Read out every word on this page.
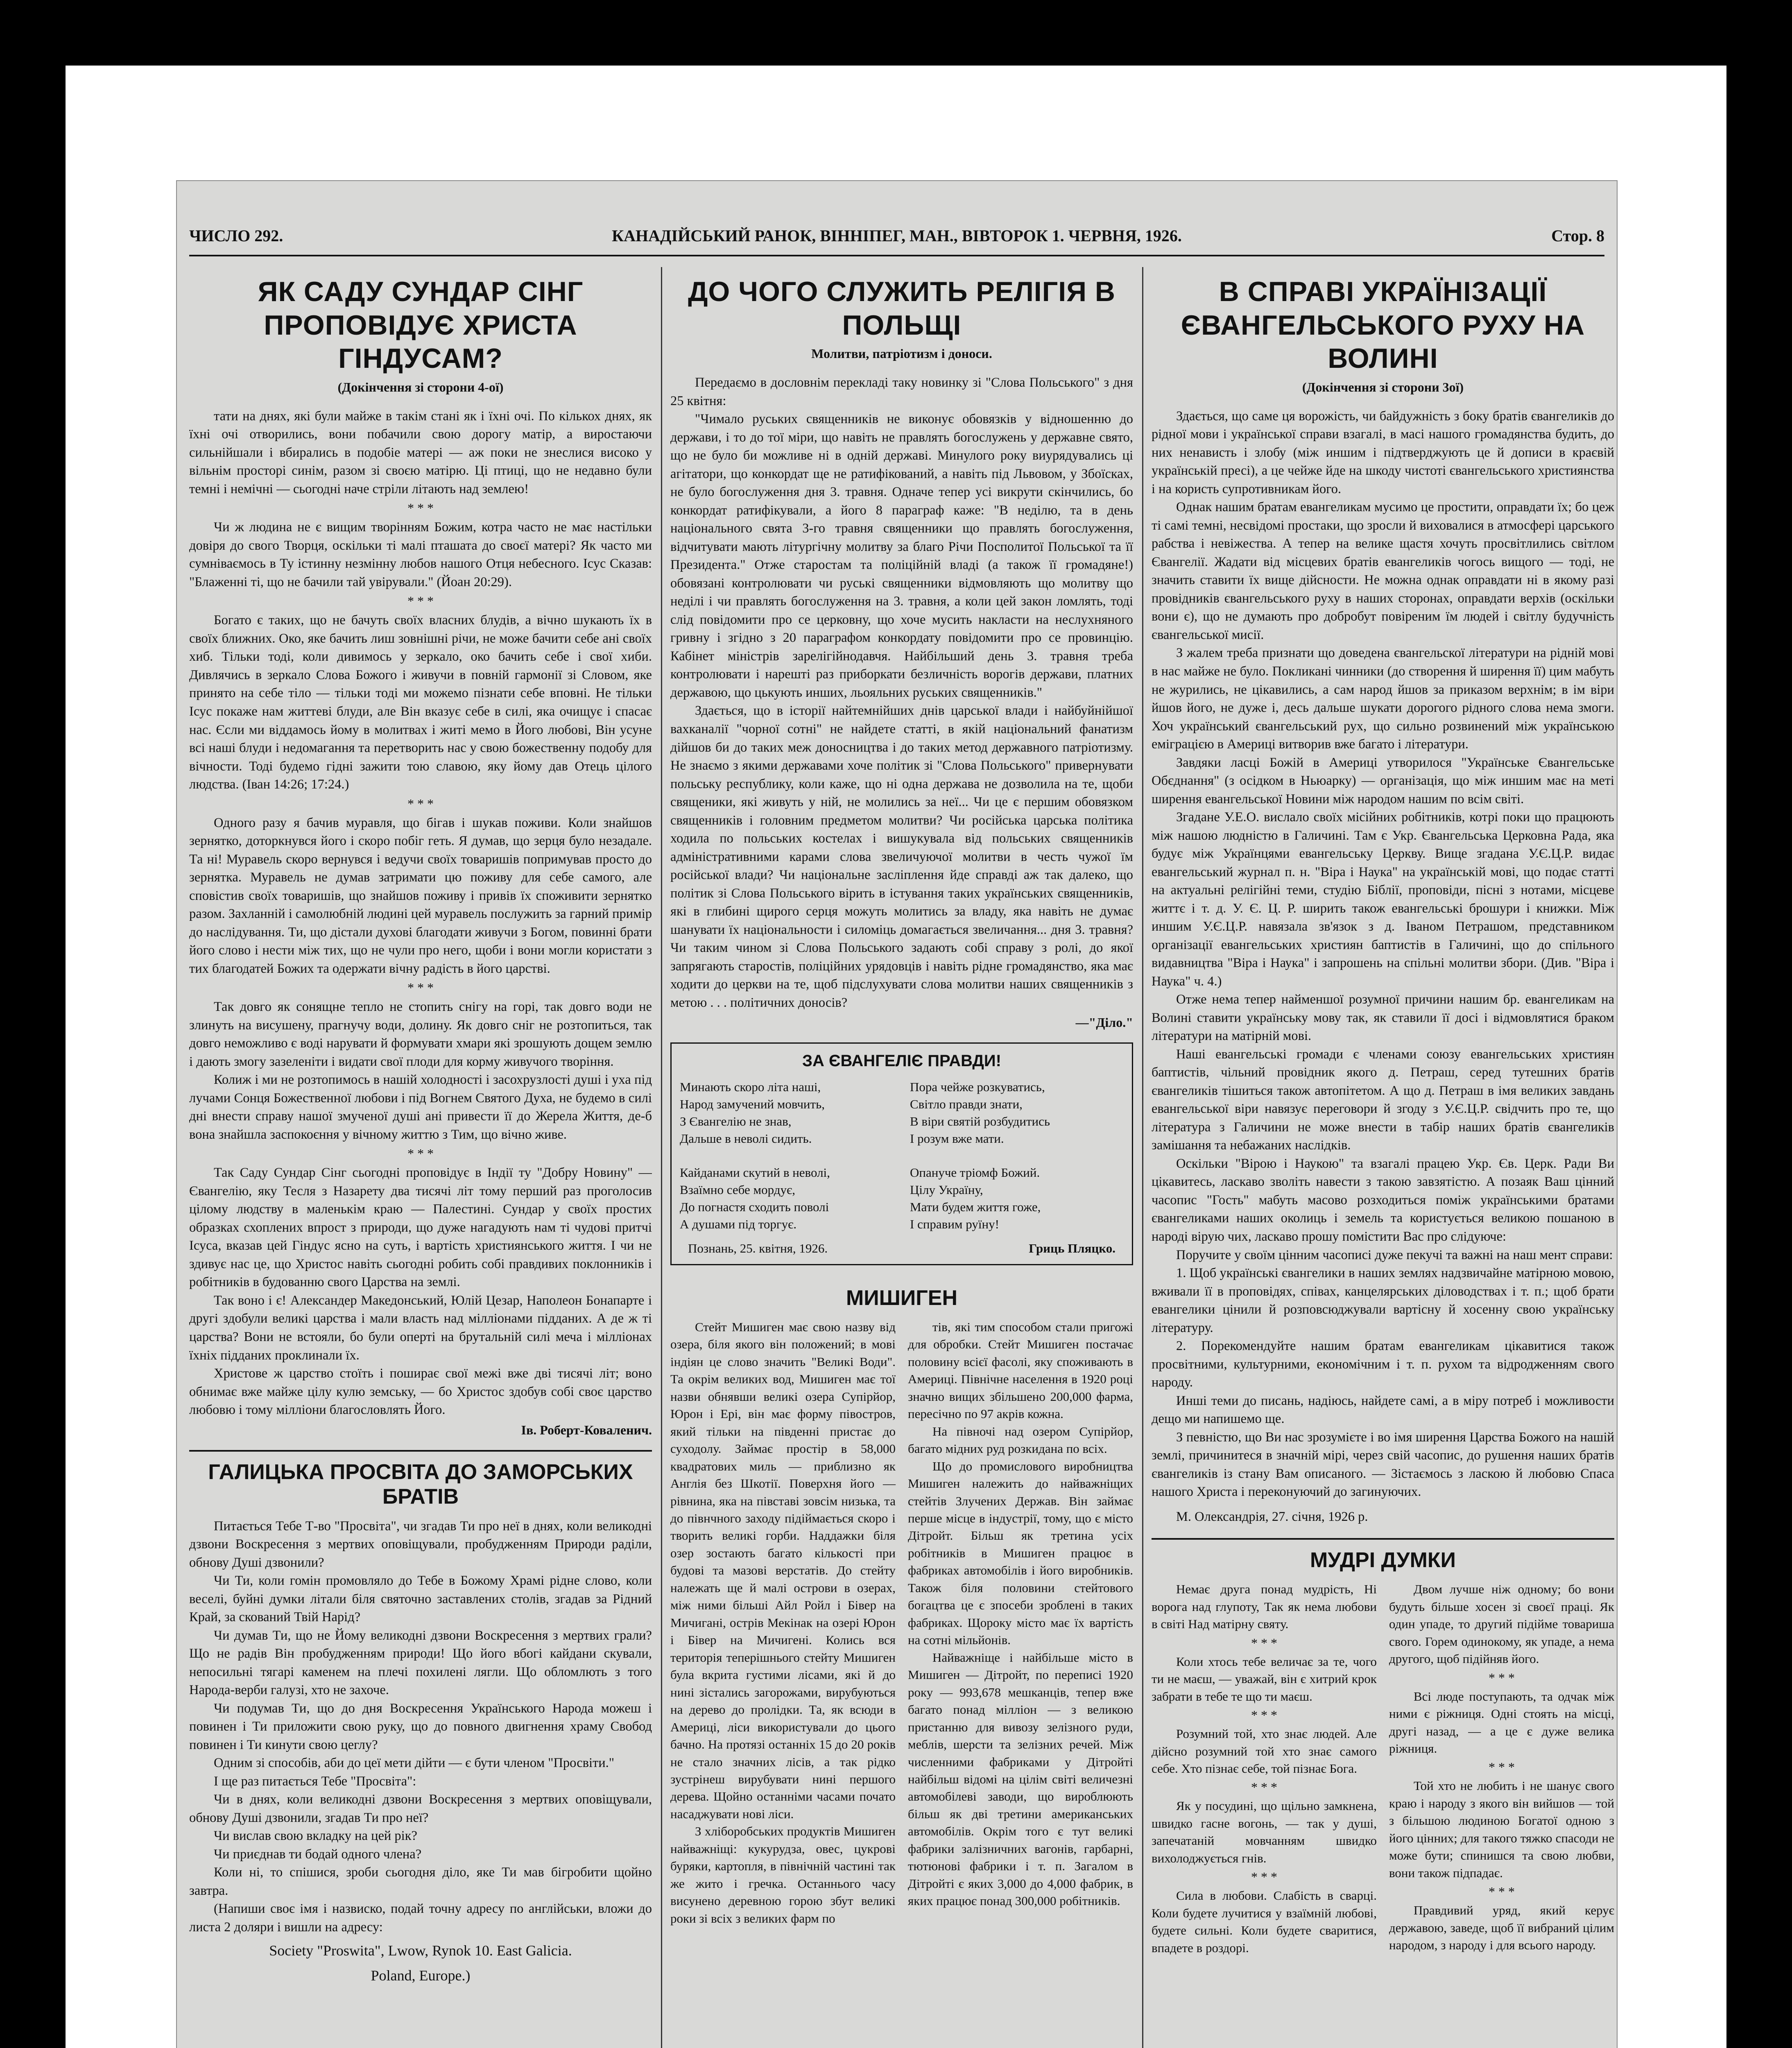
ЧИСЛО 292.	КАНАДІЙСЬКИЙ РАНОК, ВІННІПЕГ, МАН., ВІВТОРОК 1. ЧЕРВНЯ, 1926.	Стор. 8
ЯК САДУ СУНДАР СІНГ ПРОПОВІДУЄ ХРИСТА ГІНДУСАМ?
(Докінчення зі сторони 4-ої)

тати на днях, які були майже в такім стані як і їхні очі. По кількох днях, як їхні очі отворились, вони побачили свою дорогу матір, а виростаючи сильнійшали і вбирались в подобіе матері — аж поки не знеслися високо у вільнім просторі синім, разом зі своєю матірю. Ці птиці, що не недавно були темні і немічні — сьогодні наче стріли літають над землею!

* * *

Чи ж людина не є вищим творінням Божим, котра часто не має настільки довіря до свого Творця, оскільки ті малі пташата до своєї матері? Як часто ми сумніваємось в Ту істинну незмінну любов нашого Отця небесного. Ісус Сказав: "Блаженні ті, що не бачили тай увірували." (Йоан 20:29).

* * *

Богато є таких, що не бачуть своїх власних блудів, а вічно шукають їх в своїх ближних. Око, яке бачить лиш зовнішні річи, не може бачити себе ані своїх хиб. Тільки тоді, коли дивимось у зеркало, око бачить себе і свої хиби. Дивлячись в зеркало Слова Божого і живучи в повній гармонії зі Словом, яке принято на себе тіло — тільки тоді ми можемо пізнати себе вповні. Не тільки Ісус покаже нам життеві блуди, але Він вказує себе в силі, яка очищує і спасає нас. Єсли ми віддамось йому в молитвах і житі мемо в Його любові, Він усуне всі наші блуди і недомагання та перетворить нас у свою божественну подобу для вічности. Тоді будемо гідні зажити тою славою, яку йому дав Отець цілого людства. (Іван 14:26; 17:24.)

* * *

Одного разу я бачив муравля, що бігав і шукав поживи. Коли знайшов зернятко, доторкнувся його і скоро побіг геть. Я думав, що зерця було незадале. Та ні! Муравель скоро вернувся і ведучи своїх товаришів попримував просто до зернятка. Муравель не думав затримати цю поживу для себе самого, але сповістив своїх товаришів, що знайшов поживу і привів їх споживити зернятко разом. Захланній і самолюбній людині цей муравель послужить за гарний примір до наслідування. Ти, що дістали духові благодати живучи з Богом, повинні брати його слово і нести між тих, що не чули про него, щоби і вони могли користати з тих благодатей Божих та одержати вічну радість в його царстві.

* * *

Так довго як сонящне тепло не стопить снігу на горі, так довго води не злинуть на висушену, прагнучу води, долину. Як довго сніг не розтопиться, так довго неможливо є воді нарувати й формувати хмари які зрошують дощем землю і дають змогу зазеленіти і видати свої плоди для корму живучого творіння.

Колиж і ми не розтопимось в нашій холодності і засохрузлості душі і уха під лучами Сонця Божественної любови і під Вогнем Святого Духа, не будемо в силі дні внести справу нашої змученої душі ані привести її до Жерела Життя, де-б вона знайшла заспокоєння у вічному життю з Тим, що вічно живе.

* * *

Так Саду Сундар Сінг сьогодні проповідує в Індії ту "Добру Новину" — Євангелію, яку Тесля з Назарету два тисячі літ тому перший раз проголосив цілому людству в маленькім краю — Палестині. Сундар у своїх простих образках схоплених впрост з природи, що дуже нагадують нам ті чудові притчі Ісуса, вказав цей Гіндус ясно на суть, і вартість християнського життя. І чи не здивує нас це, що Христос навіть сьогодні робить собі правдивих поклонників і робітників в будованню свого Царства на землі.

Так воно і є! Александер Македонський, Юлій Цезар, Наполеон Бонапарте і другі здобули великі царства і мали власть над мілліонами підданих. А де ж ті царства? Вони не встояли, бо були оперті на брутальній силі меча і мілліонах їхніх підданих проклинали їх.

Христове ж царство стоїть і поширає свої межі вже дві тисячі літ; воно обнимає вже майже цілу кулю земську, — бо Христос здобув собі своє царство любовю і тому мілліони благословлять Його.

Ів. Роберт-Коваленич.
ГАЛИЦЬКА ПРОСВІТА ДО ЗАМОРСЬКИХ БРАТІВ

Питається Тебе Т-во "Просвіта", чи згадав Ти про неї в днях, коли великодні дзвони Воскресення з мертвих оповіщували, пробудженням Природи раділи, обнову Душі дзвонили?

Чи Ти, коли гомін промовляло до Тебе в Божому Храмі рідне слово, коли веселі, буйні думки літали біля святочно заставлених столів, згадав за Рідний Край, за скований Твій Нарід?

Чи думав Ти, що не Йому великодні дзвони Воскресення з мертвих грали? Що не радів Він пробудженням природи! Що його вбогі кайдани скували, непосильні тягарі каменем на плечі похилені лягли. Що обломлють з того Народа-верби галузі, хто не захоче.

Чи подумав Ти, що до дня Воскресення Українського Народа можеш і повинен і Ти приложити свою руку, що до повного двигнення храму Свобод повинен і Ти кинути свою цеглу?

Одним зі способів, аби до цеї мети дійти — є бути членом "Просвіти."

І ще раз питається Тебе "Просвіта":

Чи в днях, коли великодні дзвони Воскресення з мертвих оповіщували, обнову Душі дзвонили, згадав Ти про неї?

Чи вислав свою вкладку на цей рік?

Чи приєднав ти бодай одного члена?

Коли ні, то спішися, зроби сьогодня діло, яке Ти мав бігробити щойно завтра.

(Напиши своє імя і назвиско, подай точну адресу по англійськи, вложи до листа 2 доляри і вишли на адресу:

Society "Proswita", Lwow, Rynok 10. East Galicia.
Poland, Europe.)
ДО ЧОГО СЛУЖИТЬ РЕЛІГІЯ В ПОЛЬЩІ
Молитви, патріотизм і доноси.

Передаємо в дословнім перекладі таку новинку зі "Слова Польського" з дня 25 квітня:

"Чимало руських священників не виконує обовязків у відношенню до держави, і то до тої міри, що навіть не правлять богослужень у державне свято, що не було би можливе ні в одній державі. Минулого року виурядувались ці агітатори, що конкордат ще не ратифікований, а навіть під Львовом, у Збоїсках, не було богослуження дня 3. травня. Одначе тепер усі викрути скінчились, бо конкордат ратифікували, а його 8 параграф каже: "В неділю, та в день національного свята 3-го травня священники що правлять богослуження, відчитувати мають літургічну молитву за благо Річи Посполитої Польської та її Президента." Отже старостам та поліційній владі (а також її громадяне!) обовязані контролювати чи руські священники відмовляють що молитву що неділі і чи правлять богослуження на 3. травня, а коли цей закон ломлять, тоді слід повідомити про се церковну, що хоче мусить накласти на неслухняного гривну і згідно з 20 параграфом конкордату повідомити про се провинцію. Кабінет міністрів зарелігійнодавчя. Найбільший день 3. травня треба контролювати і нарешті раз приборкати безличність ворогів держави, платних державою, що цькують инших, льояльних руських священників."

Здається, що в історії найтемнійших днів царської влади і найбуйнійшої вахканалії "чорної сотні" не найдете статті, в якій національний фанатизм дійшов би до таких меж доносництва і до таких метод державного патріотизму. Не знаємо з якими державами хоче політик зі "Слова Польського" привернувати польську республику, коли каже, що ні одна держава не дозволила на те, щоби священики, які живуть у ній, не молились за неї... Чи це є першим обовязком священників і головним предметом молитви? Чи російська царська політика ходила по польських костелах і вишукувала від польських священників адміністративними карами слова звеличуючої молитви в честь чужої їм російської влади? Чи національне засліплення йде справді аж так далеко, що політик зі Слова Польського вірить в істування таких українських священників, які в глибині щирого серця можуть молитись за владу, яка навіть не думає шанувати їх національности і силоміць домагається звеличання... дня 3. травня? Чи таким чином зі Слова Польського задають собі справу з ролі, до якої запрягають старостів, поліційних урядовців і навіть рідне громадянство, яка має ходити до церкви на те, щоб підслухувати слова молитви наших священників з метою . . . політичних доносів?

—"Діло."
ЗА ЄВАНГЕЛІЄ ПРАВДИ!
Минають скоро літа наші,
Народ замучений мовчить,
З Євангелію не знав,
Дальше в неволі сидить.

Кайданами скутий в неволі,
Взаїмно себе мордує,
До погнастя сходить поволі
А душами під торгує.
Пора чейже розкуватись,
Світло правди знати,
В віри святій розбудитись
І розум вже мати.

Опануче тріомф Божий.
Цілу Україну,
Мати будем життя гоже,
І справим руїну!
Познань, 25. квітня, 1926.	Гриць Пляцко.
МИШИГЕН

Стейт Мишиген має свою назву від озера, біля якого він положений; в мові індіян це слово значить "Великі Води". Та окрім великих вод, Мишиген має тої назви обнявши великі озера Супірйор, Юрон і Ері, він має форму півостров, який тільки на південні пристає до суходолу. Займає простір в 58,000 квадратових миль — приблизно як Англія без Шкотії. Поверхня його — рівнина, яка на півставі зовсім низька, та до півнчного заходу підіймається скоро і творить великі горби. Наддажки біля озер зостають багато кількості при будові та мазові верстатів. До стейту належать ще й малі острови в озерах, між ними більші Айл Ройл і Бівер на Мичигані, острів Мекінак на озері Юрон і Бівер на Мичигені. Колись вся територія теперішнього стейту Мишиген була вкрита густими лісами, які й до нині зістались загорожами, вирубуються на дерево до пролідки. Та, як всюди в Америці, ліси використували до цього бачно. На протязі останніх 15 до 20 років не стало значних лісів, а так рідко зустрінеш вирубувати нині першого дерева. Щойно останніми часами почато насаджувати нові ліси.

З хліборобських продуктів Мишиген найважніщі: кукурудза, овес, цукрові буряки, картопля, в північній частині так же жито і гречка. Останнього часу висунено деревною горою збут великі роки зі всіх з великих фарм по

тів, які тим способом стали пригожі для обробки. Стейт Мишиген постачає половину всієї фасолі, яку споживають в Америці. Північне населення в 1920 році значно вищих збільшено 200,000 фарма, пересічно по 97 акрів кожна.

На півночі над озером Супірйор, багато мідних руд розкидана по всіх.

Що до промислового виробництва Мишиген належить до найважніщих стейтів Злучених Держав. Він займає перше місце в індустрії, тому, що є місто Дітройт. Більш як третина усіх робітників в Мишиген працює в фабриках автомобілів і його виробників. Також біля половини стейтового богацтва це є зпосеби зроблені в таких фабриках. Щороку місто має їх вартість на сотні мільйонів.

Найважніще і найбільше місто в Мишиген — Дітройт, по переписі 1920 року — 993,678 мешканців, тепер вже багато понад мілліон — з великою пристанню для вивозу зелізного руди, меблів, шерсти та зелізних речей. Між численними фабриками у Дітройті найбільш відомі на цілім світі величезні автомобілеві заводи, що вироблюють більш як дві третини американських автомобілів. Окрім того є тут великі фабрики залізничних вагонів, гарбарні, тютюнові фабрики і т. п. Загалом в Дітройті є яких 3,000 до 4,000 фабрик, в яких працює понад 300,000 робітників.

В СПРАВІ УКРАЇНІЗАЦІЇ ЄВАНГЕЛЬСЬКОГО РУХУ НА ВОЛИНІ
(Докінчення зі сторони 3ої)

Здається, що саме ця ворожість, чи байдужність з боку братів євангеликів до рідної мови і української справи взагалі, в масі нашого громадянства будить, до них ненависть і злобу (між иншим і підтверджують це й дописи в краєвій українській пресі), а це чейже йде на шкоду чистоті євангельського християнства і на користь супротивникам його.

Однак нашим братам евангеликам мусимо це простити, оправдати їх; бо цеж ті самі темні, несвідомі простаки, що зросли й виховалися в атмосфері царського рабства і невіжества. А тепер на велике щастя хочуть просвітлились світлом Євангелії. Жадати від місцевих братів евангеликів чогось вищого — тоді, не значить ставити їх вище дійсности. Не можна однак оправдати ні в якому разі провідників євангельського руху в наших сторонах, оправдати верхів (оскільки вони є), що не думають про добробут повіреним їм людей і світлу будучність євангельської мисії.

З жалем треба признати що доведена євангельскої літератури на рідній мові в нас майже не було. Покликані чинники (до створення й ширення її) цим мабуть не журились, не цікавились, а сам народ йшов за приказом верхнім; в ім віри йшов його, не дуже і, десь дальше шукати дорогого рідного слова нема змоги. Хоч український євангельський рух, що сильно розвинений між українською еміграцією в Америці витворив вже багато і літератури.

Завдяки ласці Божій в Америці утворилося "Українське Євангельське Обєднання" (з осідком в Ньюарку) — організація, що між иншим має на меті ширення евангельської Новини між народом нашим по всім світі.

Згадане У.Е.О. вислало своїх місійних робітників, котрі поки що працюють між нашою людністю в Галичині. Там є Укр. Євангельська Церковна Рада, яка будує між Українцями евангельську Церкву. Вище згадана У.Є.Ц.Р. видає евангельський журнал п. н. "Віра і Наука" на українській мові, що подає статті на актуальні релігійні теми, студію Біблії, проповіди, пісні з нотами, місцеве життє і т. д. У. Є. Ц. Р. ширить також евангельські брошури і книжки. Між иншим У.Є.Ц.Р. навязала зв'язок з д. Іваном Петрашом, представником організації евангельських християн баптистів в Галичині, що до спільного видавництва "Віра і Наука" і запрошень на спільні молитви збори. (Див. "Віра і Наука" ч. 4.)

Отже нема тепер найменшої розумної причини нашим бр. евангеликам на Волині ставити українську мову так, як ставили її досі і відмовлятися браком літератури на матірній мові.

Наші евангельські громади є членами союзу евангельських християн баптистів, чільний провідник якого д. Петраш, серед тутешних братів євангеликів тішиться також автопітетом. А що д. Петраш в імя великих завдань евангельської віри навязує переговори й згоду з У.Є.Ц.Р. свідчить про те, що література з Галичини не може внести в табір наших братів євангеликів замішання та небажаних наслідків.

Оскільки "Вірою і Наукою" та взагалі працею Укр. Єв. Церк. Ради Ви цікавитесь, ласкаво зволіть навести з такою завзятістю. А позаяк Ваш цінний часопис "Гость" мабуть масово розходиться поміж українськими братами євангеликами наших околиць і земель та користується великою пошаною в народі вірую чих, ласкаво прошу помістити Вас про слідуюче:

Поручите у своїм цінним часописі дуже пекучі та важні на наш мент справи:

1. Щоб українські євангелики в наших землях надзвичайне матірною мовою, вживали її в проповідях, співах, канцелярських діловодствах і т. п.; щоб брати евангелики цінили й розповсюджували вартісну й хосенну свою українську літературу.

2. Порекомендуйте нашим братам евангеликам цікавитися також просвітними, культурними, економічним і т. п. рухом та відродженням свого народу.

Инші теми до писань, надіюсь, найдете самі, а в міру потреб і можливости дещо ми напишемо ще.

З певністю, що Ви нас зрозумієте і во імя ширення Царства Божого на нашій землі, причинитеся в значній мірі, через свій часопис, до рушення наших братів євангеликів із стану Вам описаного. — Зістаємось з ласкою й любовю Спаса нашого Христа і переконуючий до загинуючих.

М. Олександрія, 27. січня, 1926 р.

МУДРІ ДУМКИ

Немає друга понад мудрість, Ні ворога над глупоту, Так як нема любови в світі Над матірну святу.

* * *

Коли хтось тебе величає за те, чого ти не маєш, — уважай, він є хитрий крок забрати в тебе те що ти маєш.

* * *

Розумний той, хто знає людей. Але дійсно розумний той хто знає самого себе. Хто пізнає себе, той пізнає Бога.

* * *

Як у посудині, що щільно замкнена, швидко гасне вогонь, — так у душі, запечатаній мовчанням швидко вихолоджується гнів.

* * *

Сила в любови. Слабість в сварці. Коли будете лучитися у взаїмній любові, будете сильні. Коли будете сваритися, впадете в роздорі.

Двом лучше ніж одному; бо вони будуть більше хосен зі своєї праці. Як один упаде, то другий підійме товариша свого. Горем одинокому, як упаде, а нема другого, щоб підійняв його.

* * *

Всі люде поступають, та одчак між ними є ріжниця. Одні стоять на місці, другі назад, — а це є дуже велика ріжниця.

* * *

Той хто не любить і не шанує свого краю і народу з якого він вийшов — той з більшою людиною Богатої одною з його цінних; для такого тяжко спасоди не може бути; спинишся та свою любви, вони також підпадає.

* * *

Правдивий уряд, який керує державою, заведе, щоб її вибраний цілим народом, з народу і для всього народу.
